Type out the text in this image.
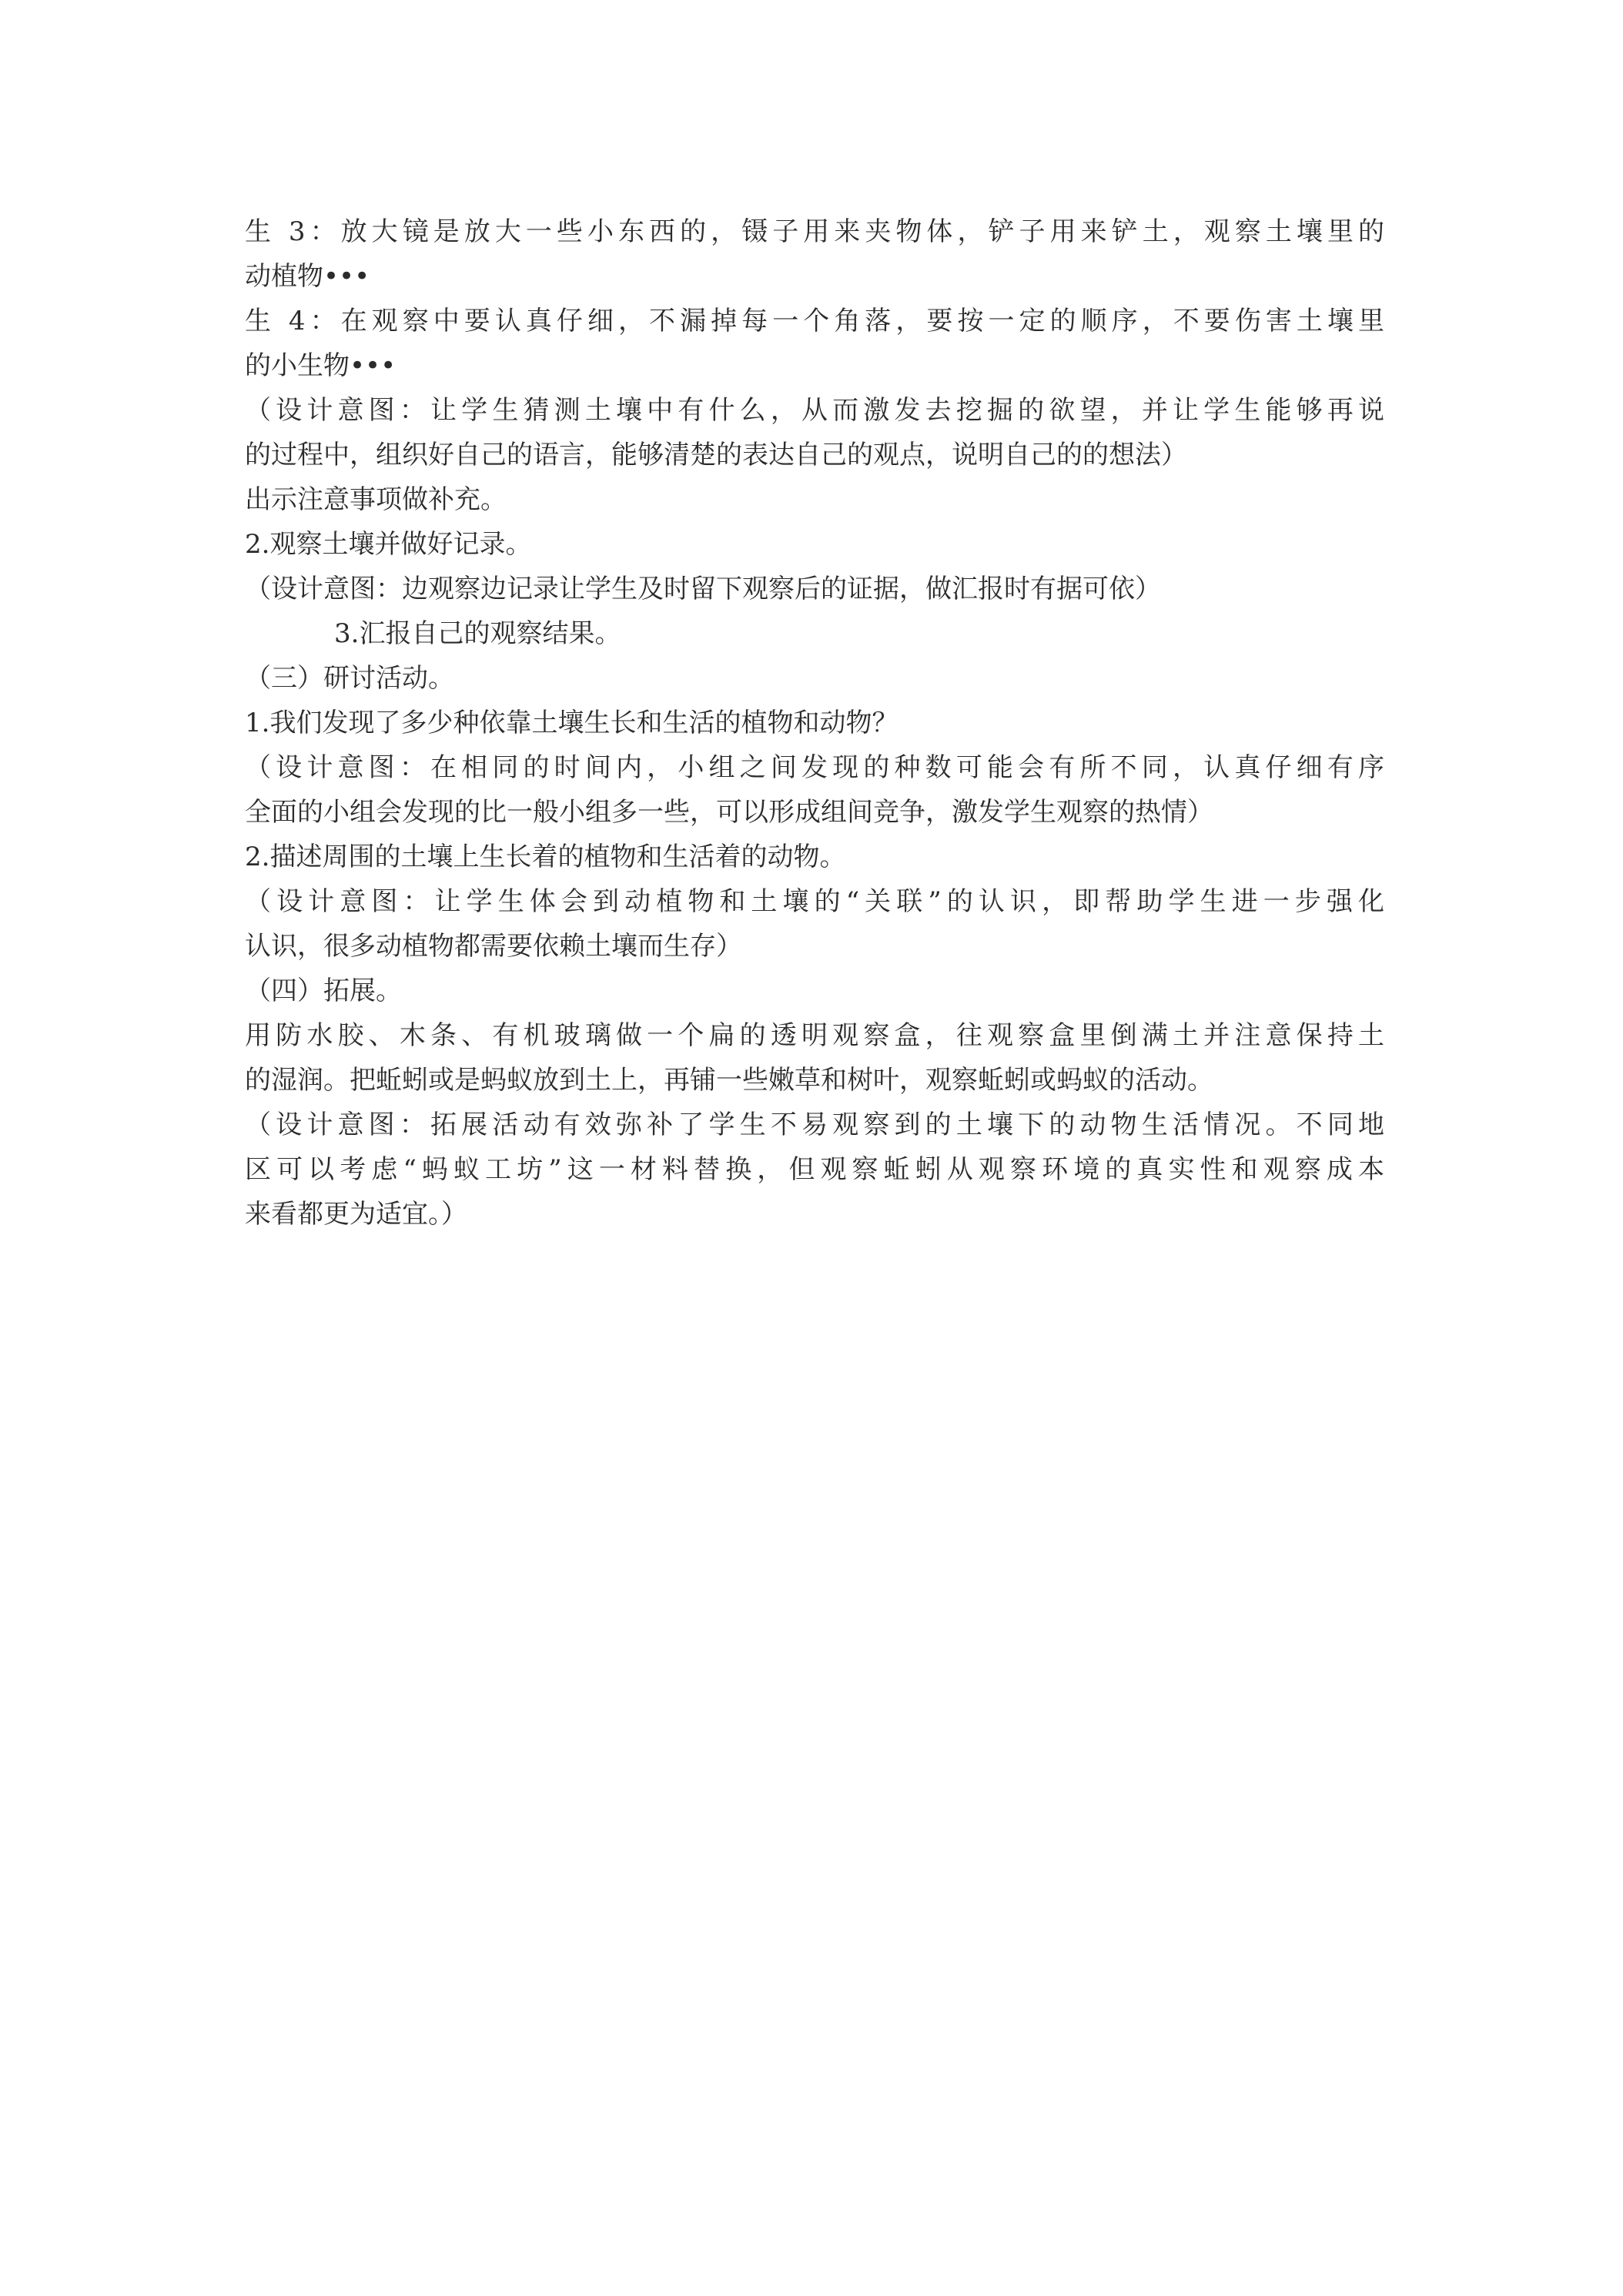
生 3：放大镜是放大一些小东西的，镊子用来夹物体，铲子用来铲土，观察土壤里的
动植物•••
生 4：在观察中要认真仔细，不漏掉每一个角落，要按一定的顺序，不要伤害土壤里
的小生物•••
（设计意图：让学生猜测土壤中有什么，从而激发去挖掘的欲望，并让学生能够再说
的过程中，组织好自己的语言，能够清楚的表达自己的观点，说明自己的的想法）
出示注意事项做补充。
2.观察土壤并做好记录。
（设计意图：边观察边记录让学生及时留下观察后的证据，做汇报时有据可依）
3.汇报自己的观察结果。
（三）研讨活动。
1.我们发现了多少种依靠土壤生长和生活的植物和动物？
（设计意图：在相同的时间内，小组之间发现的种数可能会有所不同，认真仔细有序
全面的小组会发现的比一般小组多一些，可以形成组间竞争，激发学生观察的热情）
2.描述周围的土壤上生长着的植物和生活着的动物。
（设计意图：让学生体会到动植物和土壤的“关联”的认识，即帮助学生进一步强化
认识，很多动植物都需要依赖土壤而生存）
（四）拓展。
用防水胶、木条、有机玻璃做一个扁的透明观察盒，往观察盒里倒满土并注意保持土
的湿润。把蚯蚓或是蚂蚁放到土上，再铺一些嫩草和树叶，观察蚯蚓或蚂蚁的活动。
（设计意图：拓展活动有效弥补了学生不易观察到的土壤下的动物生活情况。不同地
区可以考虑“蚂蚁工坊”这一材料替换，但观察蚯蚓从观察环境的真实性和观察成本
来看都更为适宜。）
